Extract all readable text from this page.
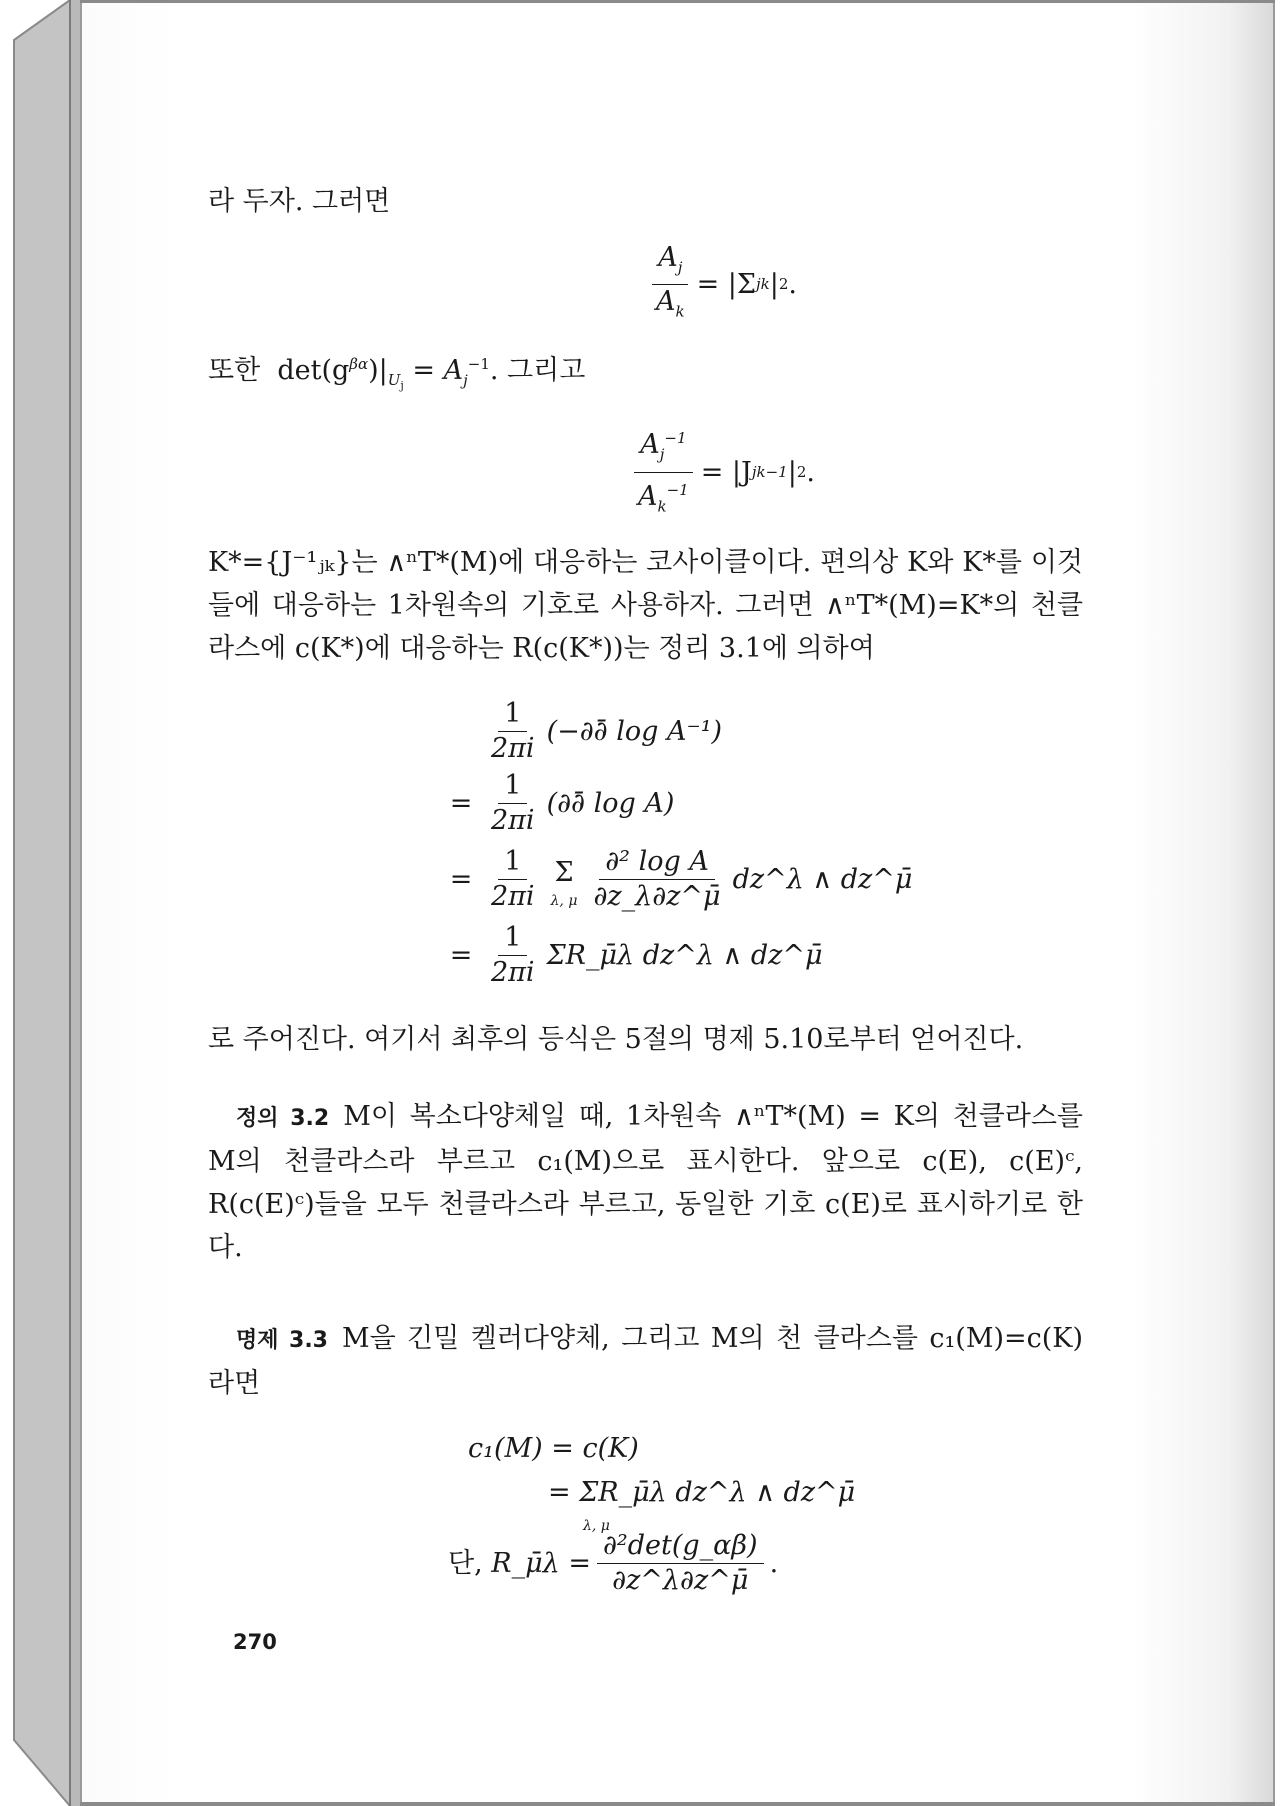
라 두자. 그러면

$\frac{A_j}{A_k} = |\Sigma$ jk | 2 .

또한 $\det(g^{\beta\alpha})|_{U_j} = A_j^{-1}$. 그리고

$\frac{A_j^{-1}}{A_k^{-1}} = |J$ jk −1 | 2 .

K*={J⁻¹ⱼₖ}는 ∧ⁿT*(M)에 대응하는 코사이클이다. 편의상 K와 K*를 이것들에 대응하는 1차원속의 기호로 사용하자. 그러면 ∧ⁿT*(M)=K*의 천클라스에 c(K*)에 대응하는 R(c(K*))는 정리 3.1에 의하여

$\frac{1}{2\pi i}$ (−∂∂̄ log A⁻¹)
= $\frac{1}{2\pi i}$ (∂∂̄ log A)
= $\frac{1}{2\pi i}$ Σ
λ, μ $\frac{\text{∂² log A}}{\partial z\_\lambda\partial z\^{}\mū}$ dz^λ ∧ dz^μ̄
= $\frac{1}{2\pi i}$ ΣR_μ̄λ dz^λ ∧ dz^μ̄

로 주어진다. 여기서 최후의 등식은 5절의 명제 5.10로부터 얻어진다.

정의 3.2 M이 복소다양체일 때, 1차원속 ∧ⁿT*(M) = K의 천클라스를 M의 천클라스라 부르고 c₁(M)으로 표시한다. 앞으로 c(E), c(E)ᶜ, R(c(E)ᶜ)들을 모두 천클라스라 부르고, 동일한 기호 c(E)로 표시하기로 한다.

명제 3.3 M을 긴밀 켈러다양체, 그리고 M의 천 클라스를 c₁(M)=c(K)라면

c₁(M) = c(K)
= ΣR_μ̄λ dz^λ ∧ dz^μ̄
λ, μ
단,
R_μ̄λ = $\frac{\text{∂²det(g\_αβ)}}{\partial z\^{}\lambda\partial z\^{}\mū}$ .
270
